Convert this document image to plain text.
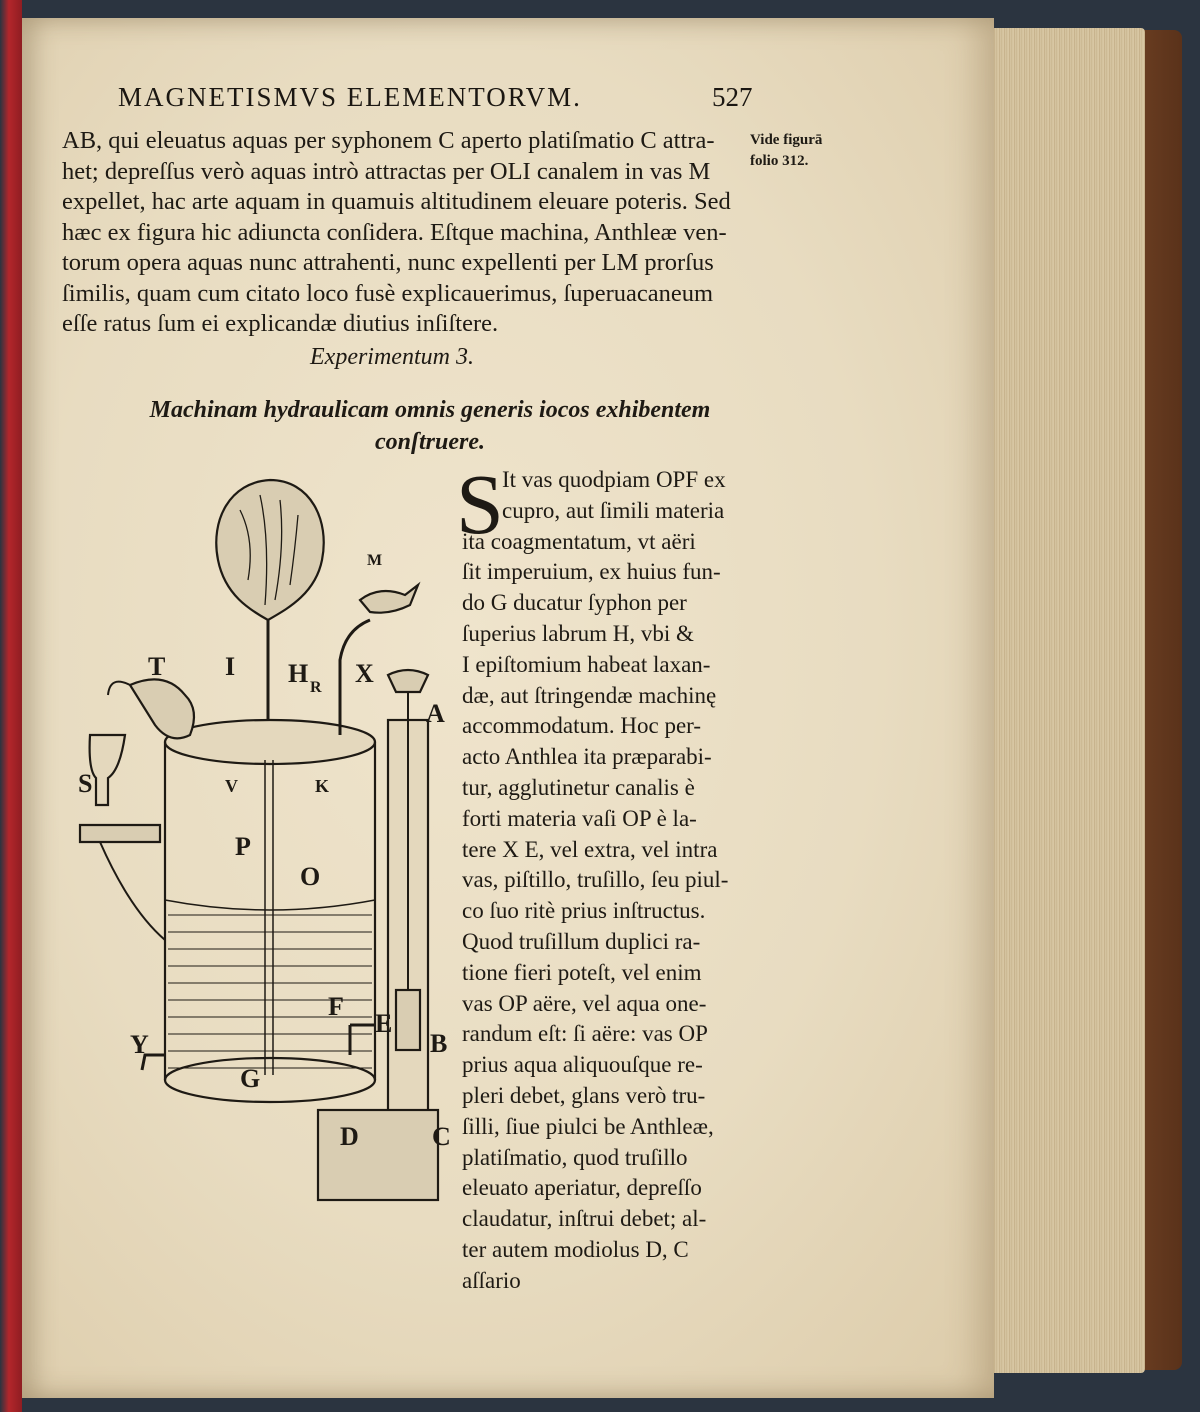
MAGNETISMVS ELEMENTORVM.	527
AB, qui eleuatus aquas per syphonem C aperto platiſmatio C attra-
het; depreſſus verò aquas intrò attractas per OLI canalem in vas M
expellet, hac arte aquam in quamuis altitudinem eleuare poteris. Sed
hæc ex figura hic adiuncta conſidera. Eſtque machina, Anthleæ ven-
torum opera aquas nunc attrahenti, nunc expellenti per LM prorſus
ſimilis, quam cum citato loco fusè explicauerimus, ſuperuacaneum
eſſe ratus ſum ei explicandæ diutius inſiſtere.
Vide figurā
folio 312.
Experimentum 3.
Machinam hydraulicam omnis generis iocos exhibentem
conſtruere.
S
It vas quodpiam OPF ex
cupro, aut ſimili materia
ita coagmentatum, vt aëri
ſit imperuium, ex huius fun-
do G ducatur ſyphon per
ſuperius labrum H, vbi &
I epiſtomium habeat laxan-
dæ, aut ſtringendæ machinę
accommodatum. Hoc per-
acto Anthlea ita præparabi-
tur, agglutinetur canalis è
forti materia vaſi OP è la-
tere X E, vel extra, vel intra
vas, piſtillo, truſillo, ſeu piul-
co ſuo ritè prius inſtructus.
Quod truſillum duplici ra-
tione fieri poteſt, vel enim
vas OP aëre, vel aqua one-
randum eſt: ſi aëre: vas OP
prius aqua aliquouſque re-
pleri debet, glans verò tru-
ſilli, ſiue piulci be Anthleæ,
platiſmatio, quod truſillo
eleuato aperiatur, depreſſo
claudatur, inſtrui debet; al-
ter autem modiolus D, C
aſſario
T I H R X
M
A
S	V	K
P
O
F
E
B
Y
G
D	C
